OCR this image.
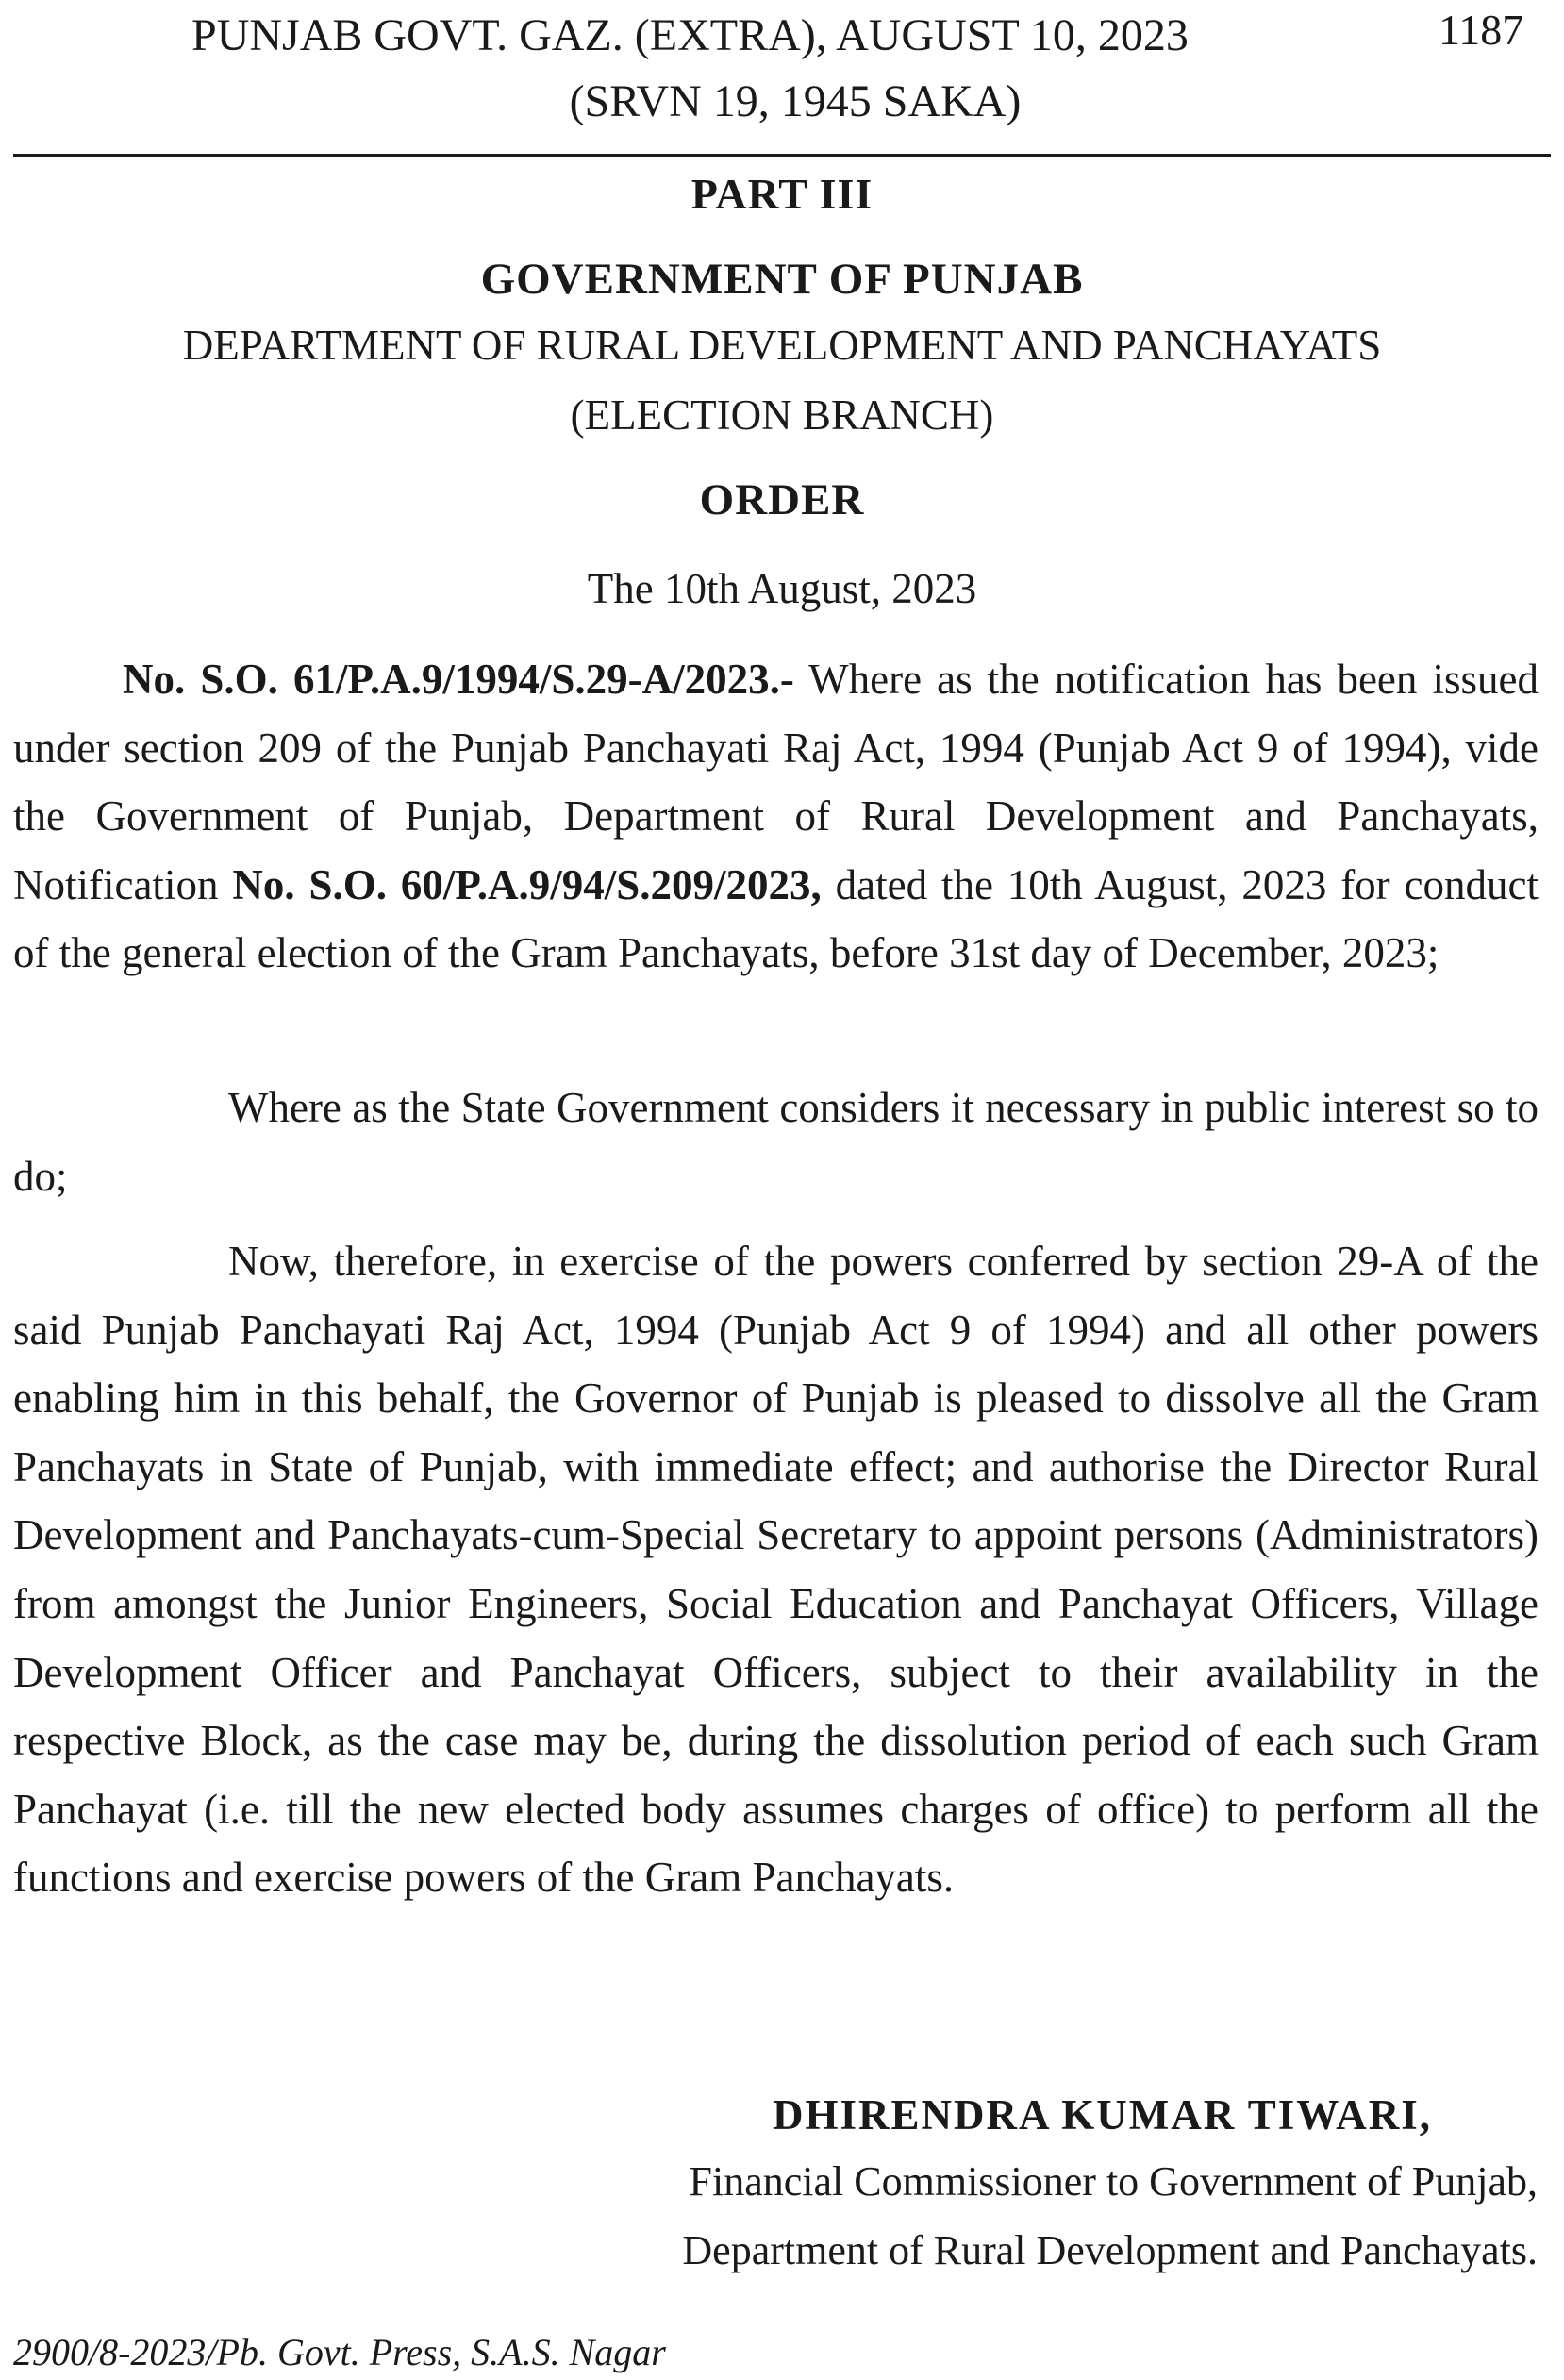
PUNJAB GOVT. GAZ. (EXTRA), AUGUST 10, 2023	1187
(SRVN 19, 1945 SAKA)
PART III
GOVERNMENT OF PUNJAB
DEPARTMENT OF RURAL DEVELOPMENT AND PANCHAYATS
(ELECTION BRANCH)
ORDER
The 10th August, 2023
No. S.O. 61/P.A.9/1994/S.29-A/2023.- Where as the notification has been issued under section 209 of the Punjab Panchayati Raj Act, 1994 (Punjab Act 9 of 1994), vide the Government of Punjab, Department of Rural Development and Panchayats, Notification No. S.O. 60/P.A.9/94/S.209/2023, dated the 10th August, 2023 for conduct of the general election of the Gram Panchayats, before 31st day of December, 2023;
Where as the State Government considers it necessary in public interest so to do;
Now, therefore, in exercise of the powers conferred by section 29-A of the said Punjab Panchayati Raj Act, 1994 (Punjab Act 9 of 1994) and all other powers enabling him in this behalf, the Governor of Punjab is pleased to dissolve all the Gram Panchayats in State of Punjab, with immediate effect; and authorise the Director Rural Development and Panchayats-cum-Special Secretary to appoint persons (Administrators) from amongst the Junior Engineers, Social Education and Panchayat Officers, Village Development Officer and Panchayat Officers, subject to their availability in the respective Block, as the case may be, during the dissolution period of each such Gram Panchayat (i.e. till the new elected body assumes charges of office) to perform all the functions and exercise powers of the Gram Panchayats.
DHIRENDRA KUMAR TIWARI,
Financial Commissioner to Government of Punjab,
Department of Rural Development and Panchayats.
2900/8-2023/Pb. Govt. Press, S.A.S. Nagar
